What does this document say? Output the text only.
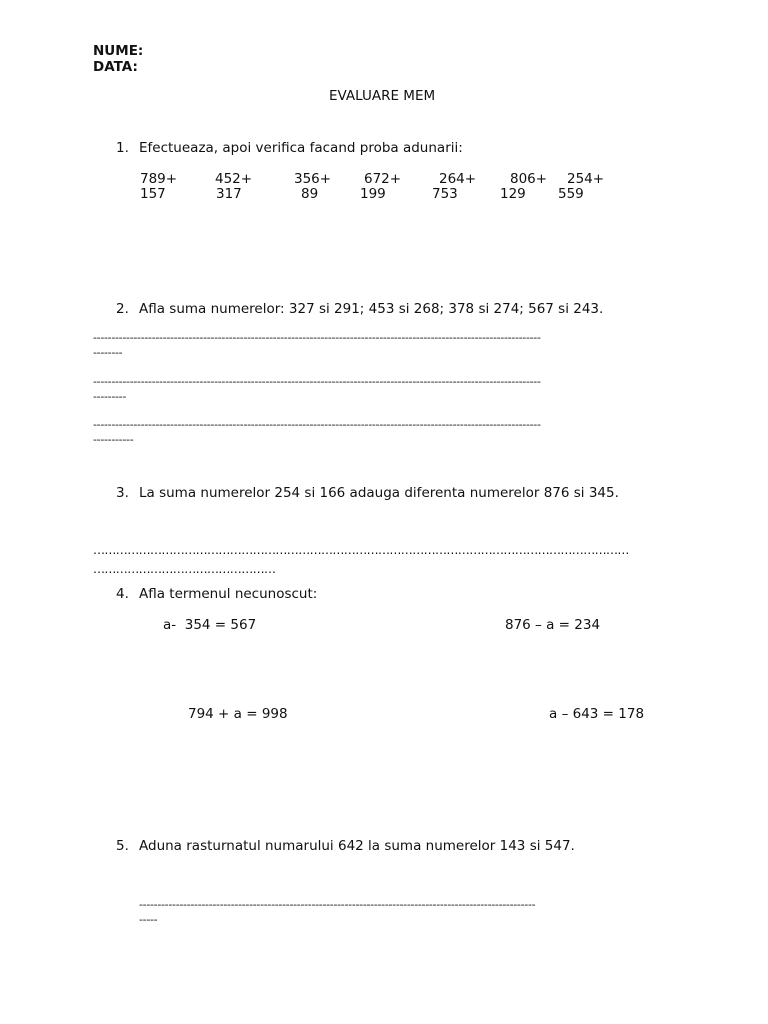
NUME:
DATA:
EVALUARE MEM
1. Efectueaza, apoi verifica facand proba adunarii:
789+	452+	356+ 672+	264+	806+ 254+
157	317	89	199	753	129 559
2. Afla suma numerelor: 327 si 291; 453 si 268; 378 si 274; 567 si 243.
--------------------------------------------------------------------------------------------------------------------------
--------
--------------------------------------------------------------------------------------------------------------------------
---------
--------------------------------------------------------------------------------------------------------------------------
-----------
3. La suma numerelor 254 si 166 adauga diferenta numerelor 876 si 345.
……………………………………………………………………………………………………………………………
…………………………………………
4. Afla termenul necunoscut:
a-  354 = 567	876 – a = 234
794 + a = 998	a – 643 = 178
5. Aduna rasturnatul numarului 642 la suma numerelor 143 si 547.
------------------------------------------------------------------------------------------------------------
-----
